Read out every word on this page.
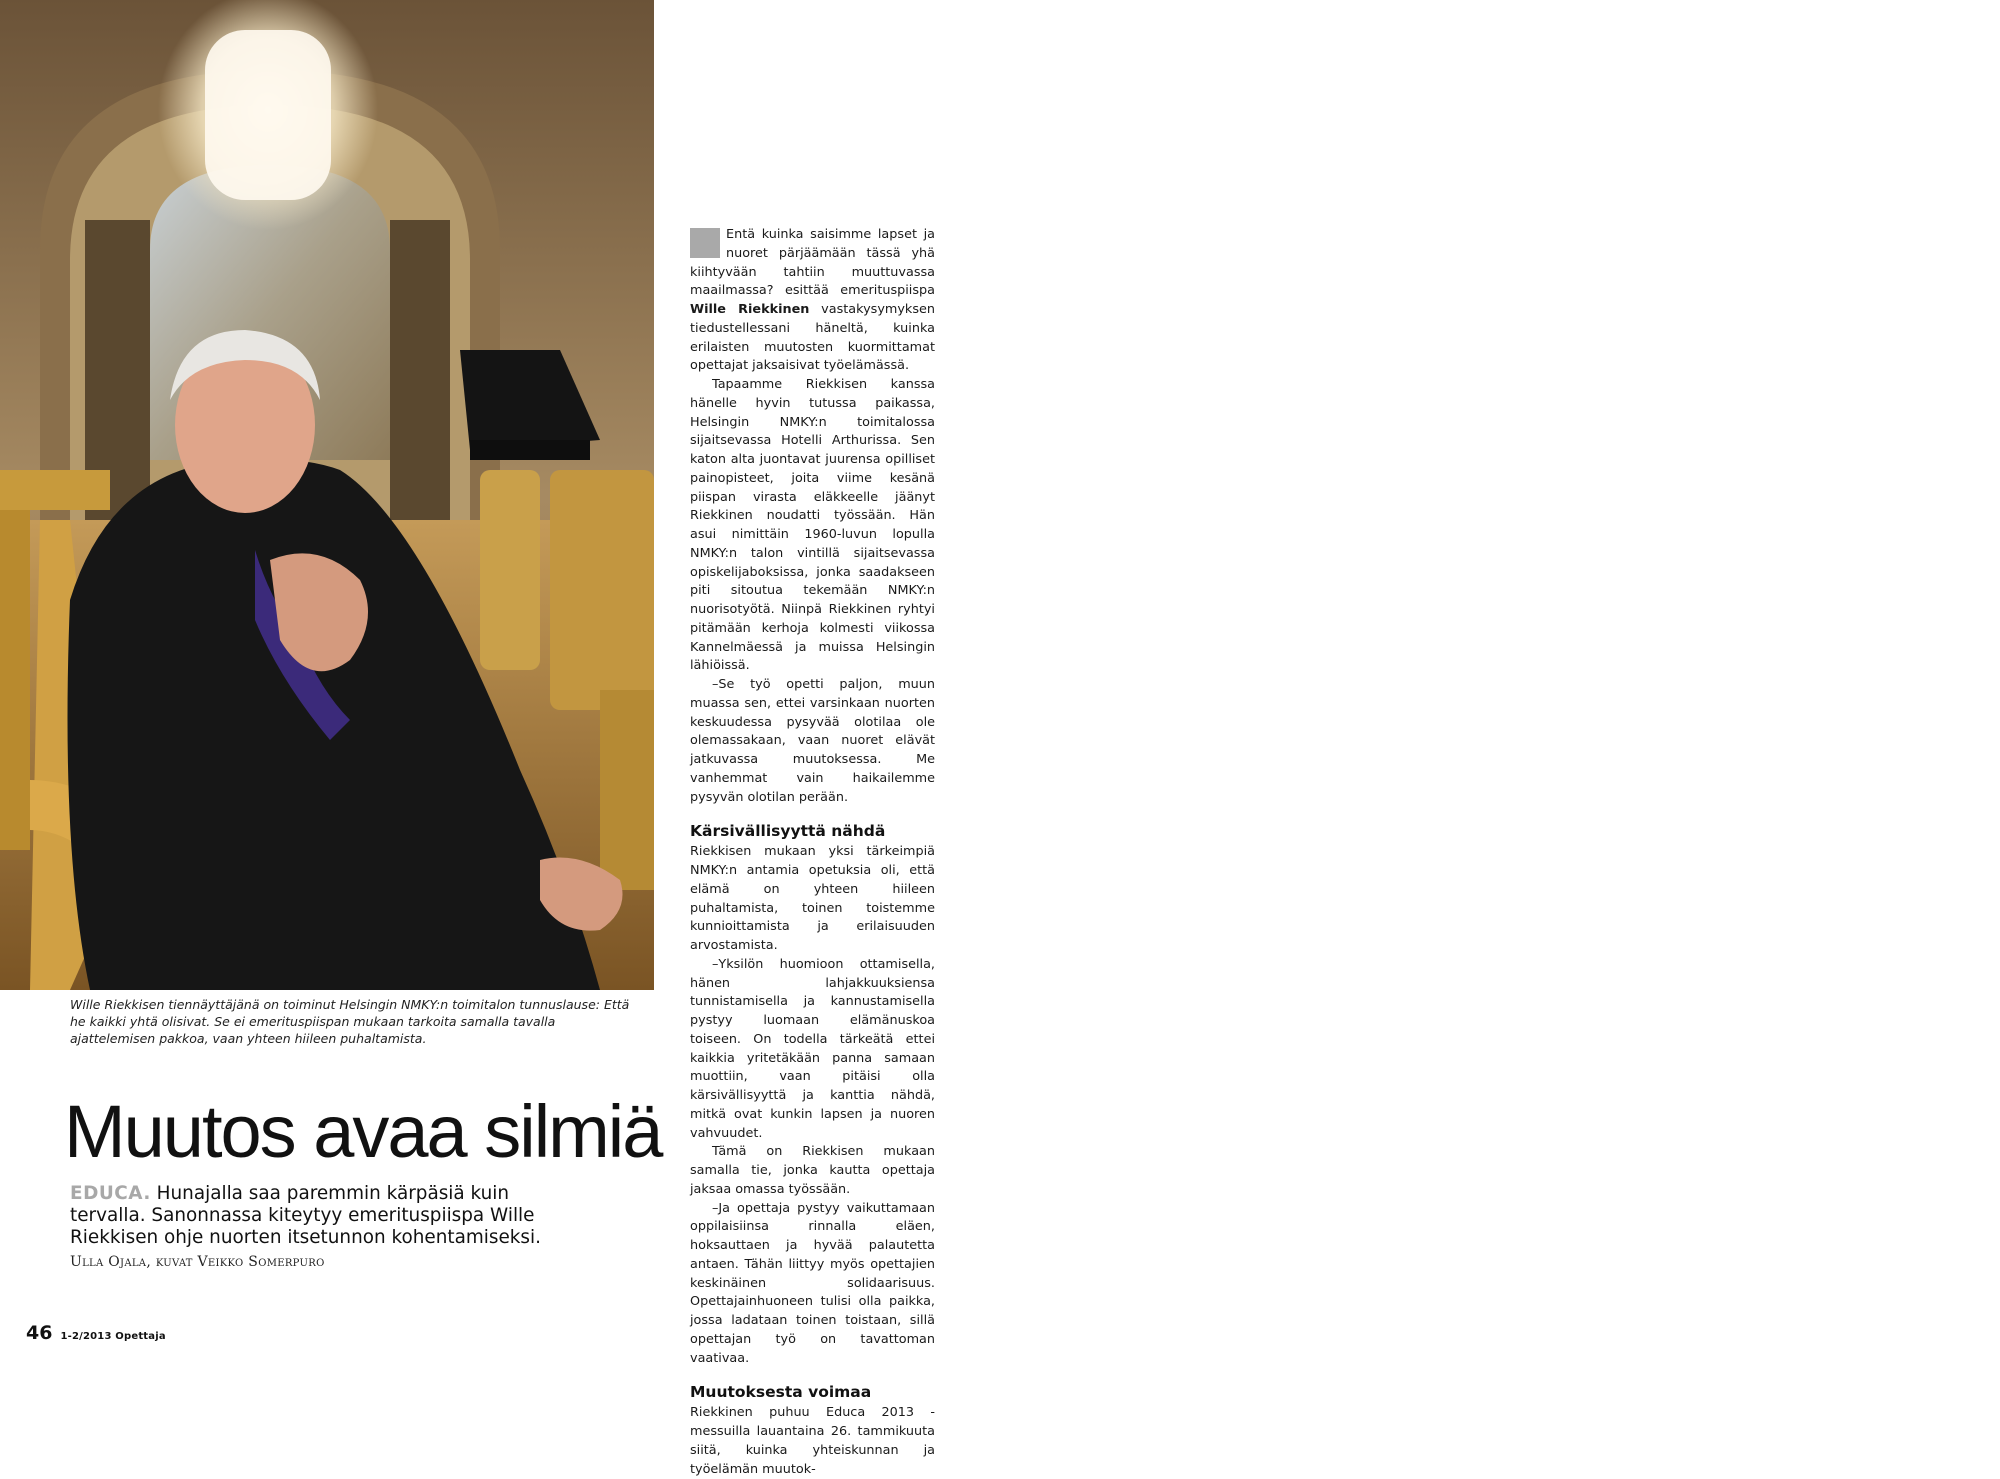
Wille Riekkisen tiennäyttäjänä on toiminut Helsingin NMKY:n toimitalon tunnuslause: Että he kaikki yhtä olisivat. Se ei emerituspiispan mukaan tarkoita samalla tavalla ajattelemisen pakkoa, vaan yhteen hiileen puhaltamista.
Muutos avaa silmiä
EDUCA. Hunajalla saa paremmin kärpäsiä kuin tervalla. Sanonnassa kiteytyy emerituspiispa Wille Riekkisen ohje nuorten itsetunnon kohentamiseksi.
Ulla Ojala, kuvat Veikko Somerpuro
46 1-2/2013 Opettaja

Entä kuinka saisimme lapset ja nuoret pärjäämään tässä yhä kiihtyvään tahtiin muuttuvassa maailmassa? esittää emerituspiispa Wille Riekkinen vastakysymyksen tiedustellessani häneltä, kuinka erilaisten muutosten kuormittamat opettajat jaksaisivat työelämässä.

Tapaamme Riekkisen kanssa hänelle hyvin tutussa paikassa, Helsingin NMKY:n toimitalossa sijaitsevassa Hotelli Arthurissa. Sen katon alta juontavat juurensa opilliset painopisteet, joita viime kesänä piispan virasta eläkkeelle jäänyt Riekkinen noudatti työssään. Hän asui nimittäin 1960-luvun lopulla NMKY:n talon vintillä sijaitsevassa opiskelijaboksissa, jonka saadakseen piti sitoutua tekemään NMKY:n nuorisotyötä. Niinpä Riekkinen ryhtyi pitämään kerhoja kolmesti viikossa Kannelmäessä ja muissa Helsingin lähiöissä.

–Se työ opetti paljon, muun muassa sen, ettei varsinkaan nuorten keskuudessa pysyvää olotilaa ole olemassakaan, vaan nuoret elävät jatkuvassa muutoksessa. Me vanhemmat vain haikailemme pysyvän olotilan perään.

Kärsivällisyyttä nähdä

Riekkisen mukaan yksi tärkeimpiä NMKY:n antamia opetuksia oli, että elämä on yhteen hiileen puhaltamista, toinen toistemme kunnioittamista ja erilaisuuden arvostamista.

–Yksilön huomioon ottamisella, hänen lahjakkuuksiensa tunnistamisella ja kannustamisella pystyy luomaan elämänuskoa toiseen. On todella tärkeätä ettei kaikkia yritetäkään panna samaan muottiin, vaan pitäisi olla kärsivällisyyttä ja kanttia nähdä, mitkä ovat kunkin lapsen ja nuoren vahvuudet.

Tämä on Riekkisen mukaan samalla tie, jonka kautta opettaja jaksaa omassa työssään.

–Ja opettaja pystyy vaikuttamaan oppilaisiinsa rinnalla eläen, hoksauttaen ja hyvää palautetta antaen. Tähän liittyy myös opettajien keskinäinen solidaarisuus. Opettajainhuoneen tulisi olla paikka, jossa ladataan toinen toistaan, sillä opettajan työ on tavattoman vaativaa.

Muutoksesta voimaa

Riekkinen puhuu Educa 2013 -messuilla lauantaina 26. tammikuuta siitä, kuinka yhteiskunnan ja työelämän muutok-
